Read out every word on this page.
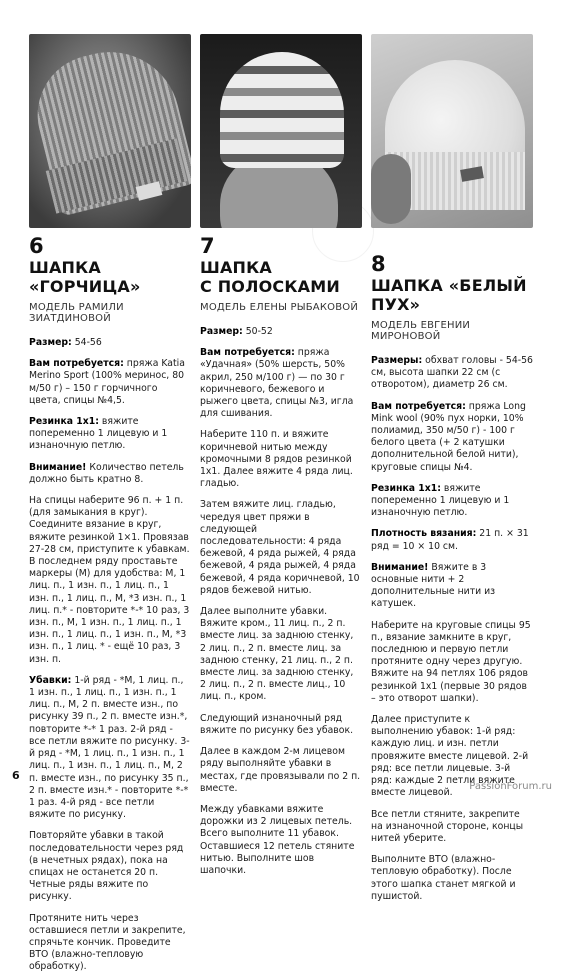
6
ШАПКА «ГОРЧИЦА»
МОДЕЛЬ РАМИЛИ ЗИАТДИНОВОЙ

Размер: 54-56

Вам потребуется: пряжа Katia Merino Sport (100% меринос, 80 м/50 г) – 150 г горчичного цвета, спицы №4,5.

Резинка 1x1: вяжите попеременно 1 лицевую и 1 изнаночную петлю.

Внимание! Количество петель должно быть кратно 8.

На спицы наберите 96 п. + 1 п. (для замыкания в круг). Соедините вязание в круг, вяжите резинкой 1×1. Провязав 27-28 см, приступите к убавкам. В последнем ряду проставьте маркеры (М) для удобства: М, 1 лиц. п., 1 изн. п., 1 лиц. п., 1 изн. п., 1 лиц. п., М, *3 изн. п., 1 лиц. п.* - повторите *-* 10 раз, 3 изн. п., М, 1 изн. п., 1 лиц. п., 1 изн. п., 1 лиц. п., 1 изн. п., М, *3 изн. п., 1 лиц. * - ещё 10 раз, 3 изн. п.

Убавки: 1-й ряд - *М, 1 лиц. п., 1 изн. п., 1 лиц. п., 1 изн. п., 1 лиц. п., М, 2 п. вместе изн., по рисунку 39 п., 2 п. вместе изн.*, повторите *-* 1 раз. 2-й ряд - все петли вяжите по рисунку. 3-й ряд - *М, 1 лиц. п., 1 изн. п., 1 лиц. п., 1 изн. п., 1 лиц. п., М, 2 п. вместе изн., по рисунку 35 п., 2 п. вместе изн.* - повторите *-* 1 раз. 4-й ряд - все петли вяжите по рисунку.

Повторяйте убавки в такой последовательности через ряд (в нечетных рядах), пока на спицах не останется 20 п. Четные ряды вяжите по рисунку.

Протяните нить через оставшиеся петли и закрепите, спрячьте кончик. Проведите ВТО (влажно-тепловую обработку).

7
ШАПКА
С ПОЛОСКАМИ
МОДЕЛЬ ЕЛЕНЫ РЫБАКОВОЙ

Размер: 50-52

Вам потребуется: пряжа «Удачная» (50% шерсть, 50% акрил, 250 м/100 г) — по 30 г коричневого, бежевого и рыжего цвета, спицы №3, игла для сшивания.

Наберите 110 п. и вяжите коричневой нитью между кромочными 8 рядов резинкой 1х1. Далее вяжите 4 ряда лиц. гладью.

Затем вяжите лиц. гладью, чередуя цвет пряжи в следующей последовательности: 4 ряда бежевой, 4 ряда рыжей, 4 ряда бежевой, 4 ряда рыжей, 4 ряда бежевой, 4 ряда коричневой, 10 рядов бежевой нитью.

Далее выполните убавки. Вяжите кром., 11 лиц. п., 2 п. вместе лиц. за заднюю стенку, 2 лиц. п., 2 п. вместе лиц. за заднюю стенку, 21 лиц. п., 2 п. вместе лиц. за заднюю стенку, 2 лиц. п., 2 п. вместе лиц., 10 лиц. п., кром.

Следующий изнаночный ряд вяжите по рисунку без убавок.

Далее в каждом 2-м лицевом ряду выполняйте убавки в местах, где провязывали по 2 п. вместе.

Между убавками вяжите дорожки из 2 лицевых петель. Всего выполните 11 убавок. Оставшиеся 12 петель стяните нитью. Выполните шов шапочки.

8
ШАПКА «БЕЛЫЙ ПУХ»
МОДЕЛЬ ЕВГЕНИИ МИРОНОВОЙ

Размеры: обхват головы - 54-56 см, высота шапки 22 см (с отворотом), диаметр 26 см.

Вам потребуется: пряжа Long Mink wool (90% пух норки, 10% полиамид, 350 м/50 г) - 100 г белого цвета (+ 2 катушки дополнительной белой нити), круговые спицы №4.

Резинка 1x1: вяжите попеременно 1 лицевую и 1 изнаночную петлю.

Плотность вязания: 21 п. × 31 ряд = 10 × 10 см.

Внимание! Вяжите в 3 основные нити + 2 дополнительные нити из катушек.

Наберите на круговые спицы 95 п., вязание замкните в круг, последнюю и первую петли протяните одну через другую. Вяжите на 94 петлях 106 рядов резинкой 1х1 (первые 30 рядов – это отворот шапки).

Далее приступите к выполнению убавок: 1-й ряд: каждую лиц. и изн. петли провяжите вместе лицевой. 2-й ряд: все петли лицевые. 3-й ряд: каждые 2 петли вяжите вместе лицевой.

Все петли стяните, закрепите на изнаночной стороне, концы нитей уберите.

Выполните ВТО (влажно-тепловую обработку). После этого шапка станет мягкой и пушистой.

6
PassionForum.ru
